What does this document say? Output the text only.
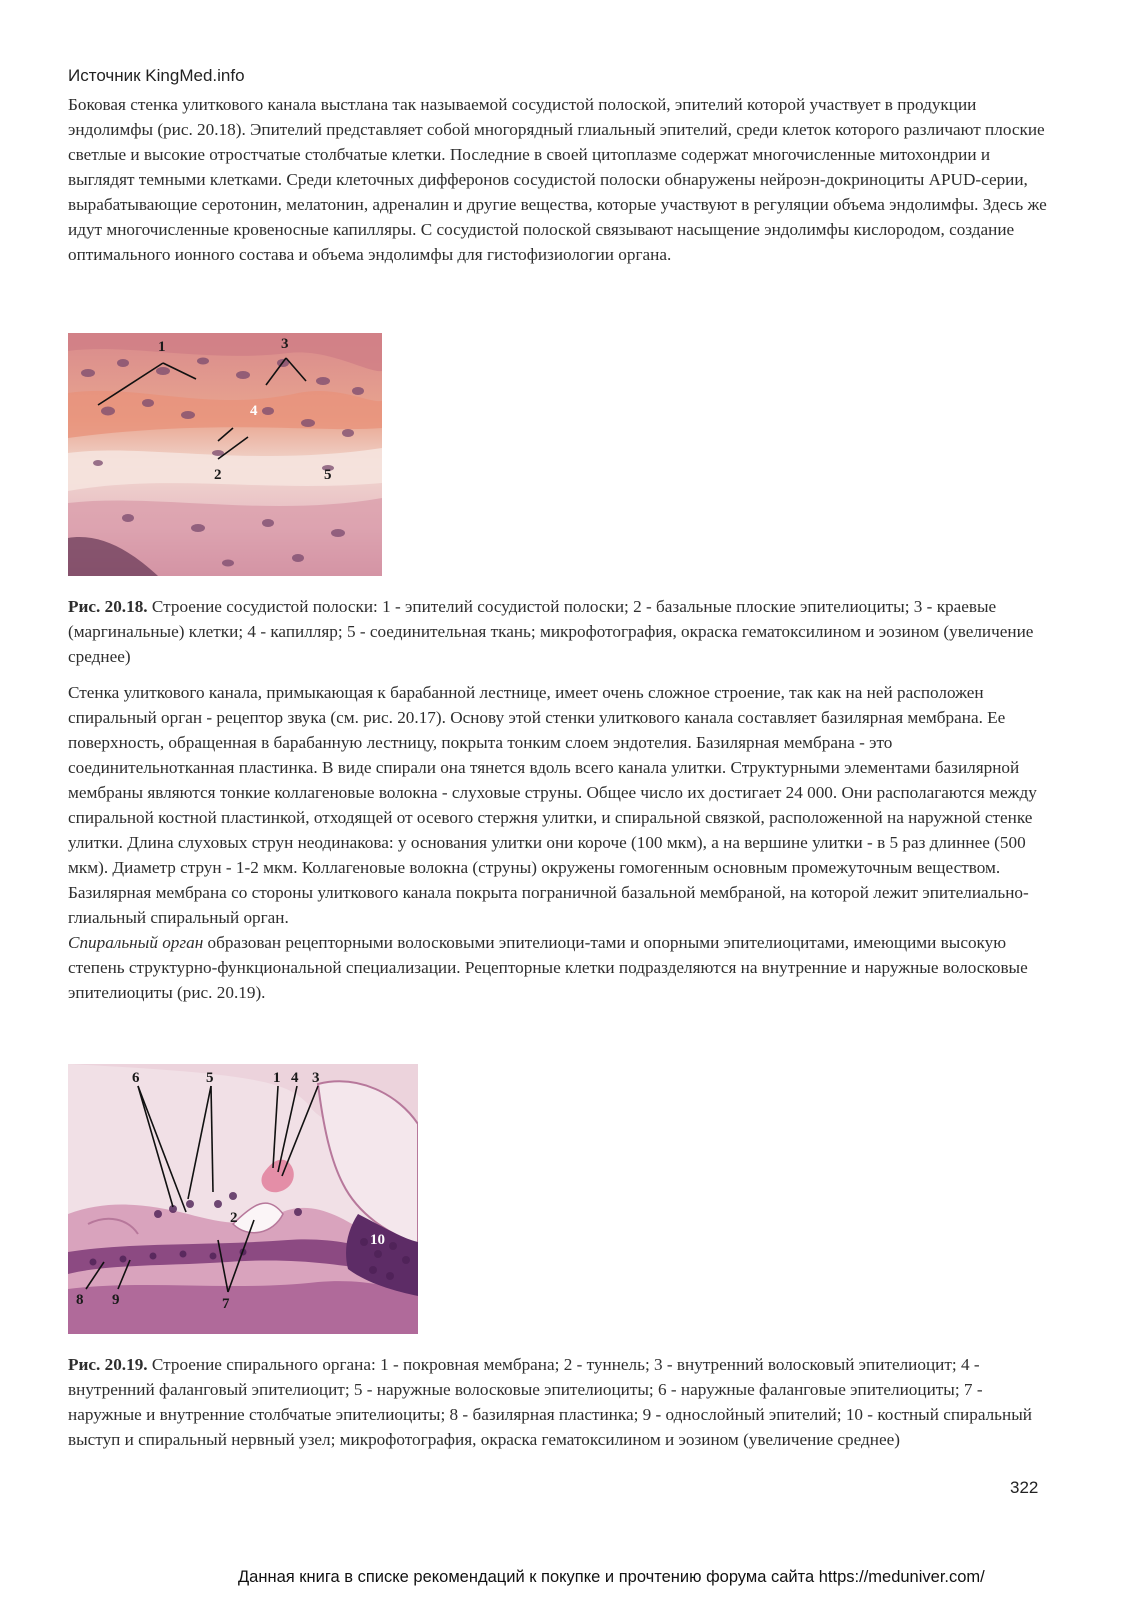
Источник KingMed.info

Боковая стенка улиткового канала выстлана так называемой сосудистой полоской, эпителий которой участвует в продукции эндолимфы (рис. 20.18). Эпителий представляет собой многорядный глиальный эпителий, среди клеток которого различают плоские светлые и высокие отростчатые столбчатые клетки. Последние в своей цитоплазме содержат многочисленные митохондрии и выглядят темными клетками. Среди клеточных дифферонов сосудистой полоски обнаружены нейроэн-докриноциты APUD-серии, вырабатывающие серотонин, мелатонин, адреналин и другие вещества, которые участвуют в регуляции объема эндолимфы. Здесь же идут многочисленные кровеносные капилляры. С сосудистой полоской связывают насыщение эндолимфы кислородом, создание оптимального ионного состава и объема эндолимфы для гистофизиологии органа.

1	3
4
2	5

Рис. 20.18. Строение сосудистой полоски: 1 - эпителий сосудистой полоски; 2 - базальные плоские эпителиоциты; 3 - краевые (маргинальные) клетки; 4 - капилляр; 5 - соединительная ткань; микрофотография, окраска гематоксилином и эозином (увеличение среднее)

Стенка улиткового канала, примыкающая к барабанной лестнице, имеет очень сложное строение, так как на ней расположен спиральный орган - рецептор звука (см. рис. 20.17). Основу этой стенки улиткового канала составляет базилярная мембрана. Ее поверхность, обращенная в барабанную лестницу, покрыта тонким слоем эндотелия. Базилярная мембрана - это соединительнотканная пластинка. В виде спирали она тянется вдоль всего канала улитки. Структурными элементами базилярной мембраны являются тонкие коллагеновые волокна - слуховые струны. Общее число их достигает 24 000. Они располагаются между спиральной костной пластинкой, отходящей от осевого стержня улитки, и спиральной связкой, расположенной на наружной стенке улитки. Длина слуховых струн неодинакова: у основания улитки они короче (100 мкм), а на вершине улитки - в 5 раз длиннее (500 мкм). Диаметр струн - 1-2 мкм. Коллагеновые волокна (струны) окружены гомогенным основным промежуточным веществом. Базилярная мембрана со стороны улиткового канала покрыта пограничной базальной мембраной, на которой лежит эпителиально-глиальный спиральный орган.
Спиральный орган образован рецепторными волосковыми эпителиоци-тами и опорными эпителиоцитами, имеющими высокую степень структурно-функциональной специализации. Рецепторные клетки подразделяются на внутренние и наружные волосковые эпителиоциты (рис. 20.19).

6	5	1 4 3
2
10
8 9	7

Рис. 20.19. Строение спирального органа: 1 - покровная мембрана; 2 - туннель; 3 - внутренний волосковый эпителиоцит; 4 - внутренний фаланговый эпителиоцит; 5 - наружные волосковые эпителиоциты; 6 - наружные фаланговые эпителиоциты; 7 - наружные и внутренние столбчатые эпителиоциты; 8 - базилярная пластинка; 9 - однослойный эпителий; 10 - костный спиральный выступ и спиральный нервный узел; микрофотография, окраска гематоксилином и эозином (увеличение среднее)

322
Данная книга в списке рекомендаций к покупке и прочтению форума сайта https://meduniver.com/
